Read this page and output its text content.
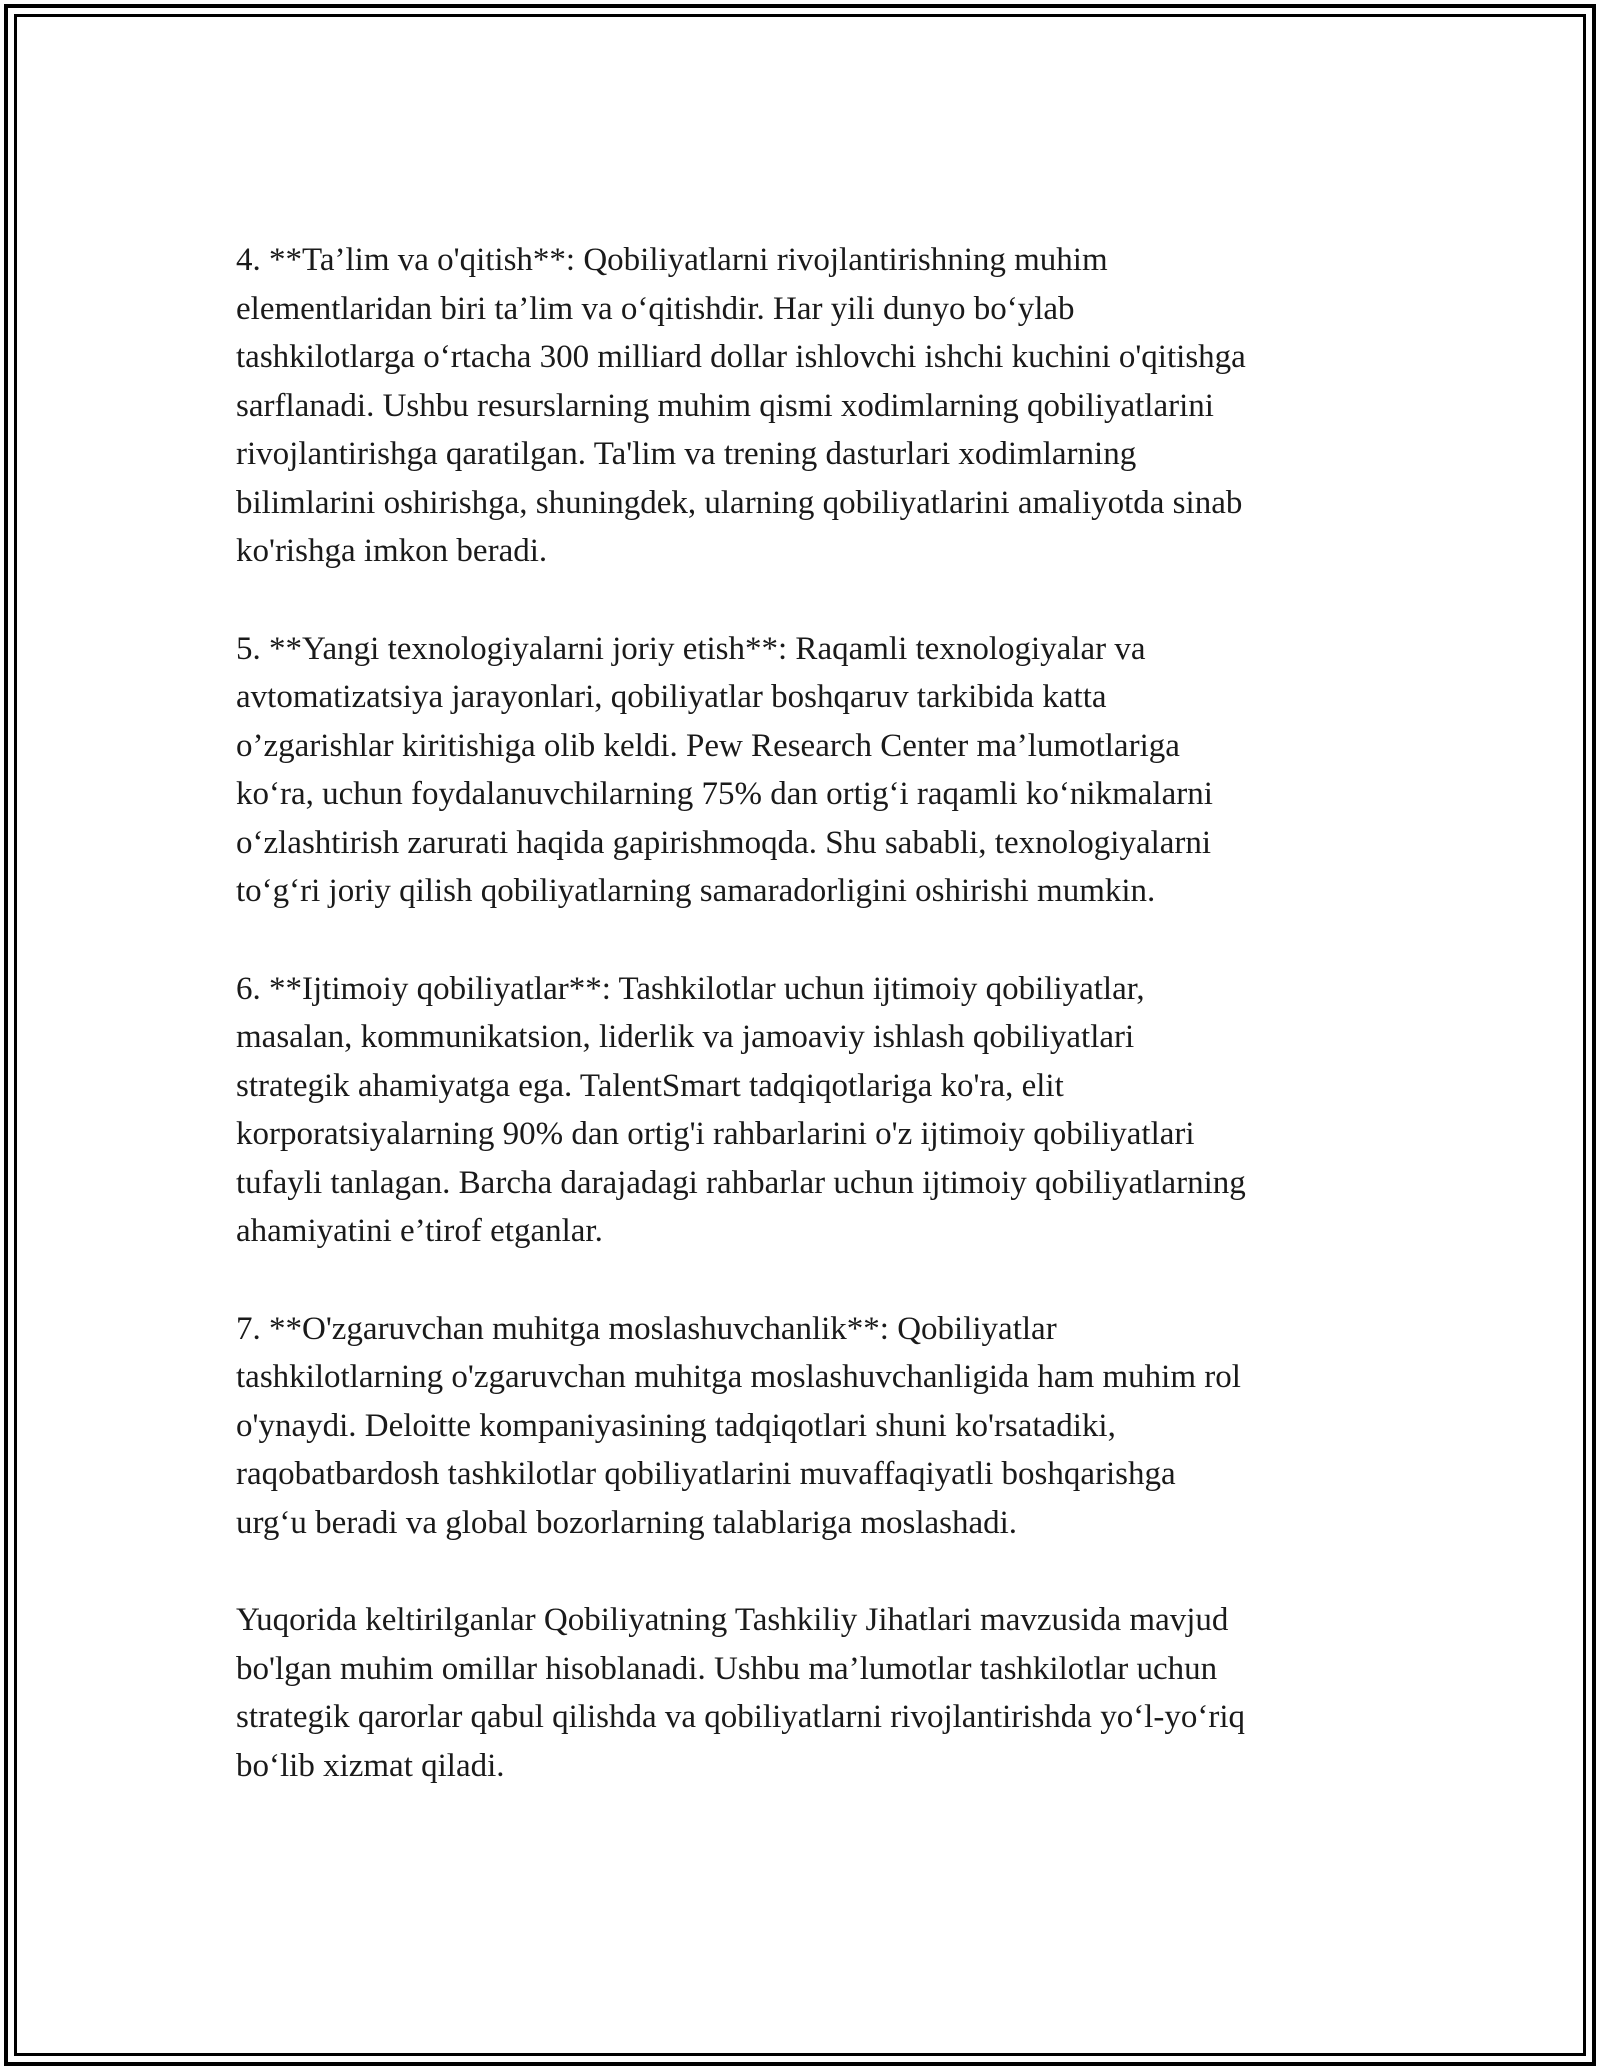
4. **Ta’lim va o'qitish**: Qobiliyatlarni rivojlantirishning muhim
elementlaridan biri ta’lim va o‘qitishdir. Har yili dunyo bo‘ylab
tashkilotlarga o‘rtacha 300 milliard dollar ishlovchi ishchi kuchini o'qitishga
sarflanadi. Ushbu resurslarning muhim qismi xodimlarning qobiliyatlarini
rivojlantirishga qaratilgan. Ta'lim va trening dasturlari xodimlarning
bilimlarini oshirishga, shuningdek, ularning qobiliyatlarini amaliyotda sinab
ko'rishga imkon beradi.

5. **Yangi texnologiyalarni joriy etish**: Raqamli texnologiyalar va
avtomatizatsiya jarayonlari, qobiliyatlar boshqaruv tarkibida katta
o’zgarishlar kiritishiga olib keldi. Pew Research Center ma’lumotlariga
ko‘ra, uchun foydalanuvchilarning 75% dan ortig‘i raqamli ko‘nikmalarni
o‘zlashtirish zarurati haqida gapirishmoqda. Shu sababli, texnologiyalarni
to‘g‘ri joriy qilish qobiliyatlarning samaradorligini oshirishi mumkin.

6. **Ijtimoiy qobiliyatlar**: Tashkilotlar uchun ijtimoiy qobiliyatlar,
masalan, kommunikatsion, liderlik va jamoaviy ishlash qobiliyatlari
strategik ahamiyatga ega. TalentSmart tadqiqotlariga ko'ra, elit
korporatsiyalarning 90% dan ortig'i rahbarlarini o'z ijtimoiy qobiliyatlari
tufayli tanlagan. Barcha darajadagi rahbarlar uchun ijtimoiy qobiliyatlarning
ahamiyatini e’tirof etganlar.

7. **O'zgaruvchan muhitga moslashuvchanlik**: Qobiliyatlar
tashkilotlarning o'zgaruvchan muhitga moslashuvchanligida ham muhim rol
o'ynaydi. Deloitte kompaniyasining tadqiqotlari shuni ko'rsatadiki,
raqobatbardosh tashkilotlar qobiliyatlarini muvaffaqiyatli boshqarishga
urg‘u beradi va global bozorlarning talablariga moslashadi.

Yuqorida keltirilganlar Qobiliyatning Tashkiliy Jihatlari mavzusida mavjud
bo'lgan muhim omillar hisoblanadi. Ushbu ma’lumotlar tashkilotlar uchun
strategik qarorlar qabul qilishda va qobiliyatlarni rivojlantirishda yo‘l-yo‘riq
bo‘lib xizmat qiladi.
